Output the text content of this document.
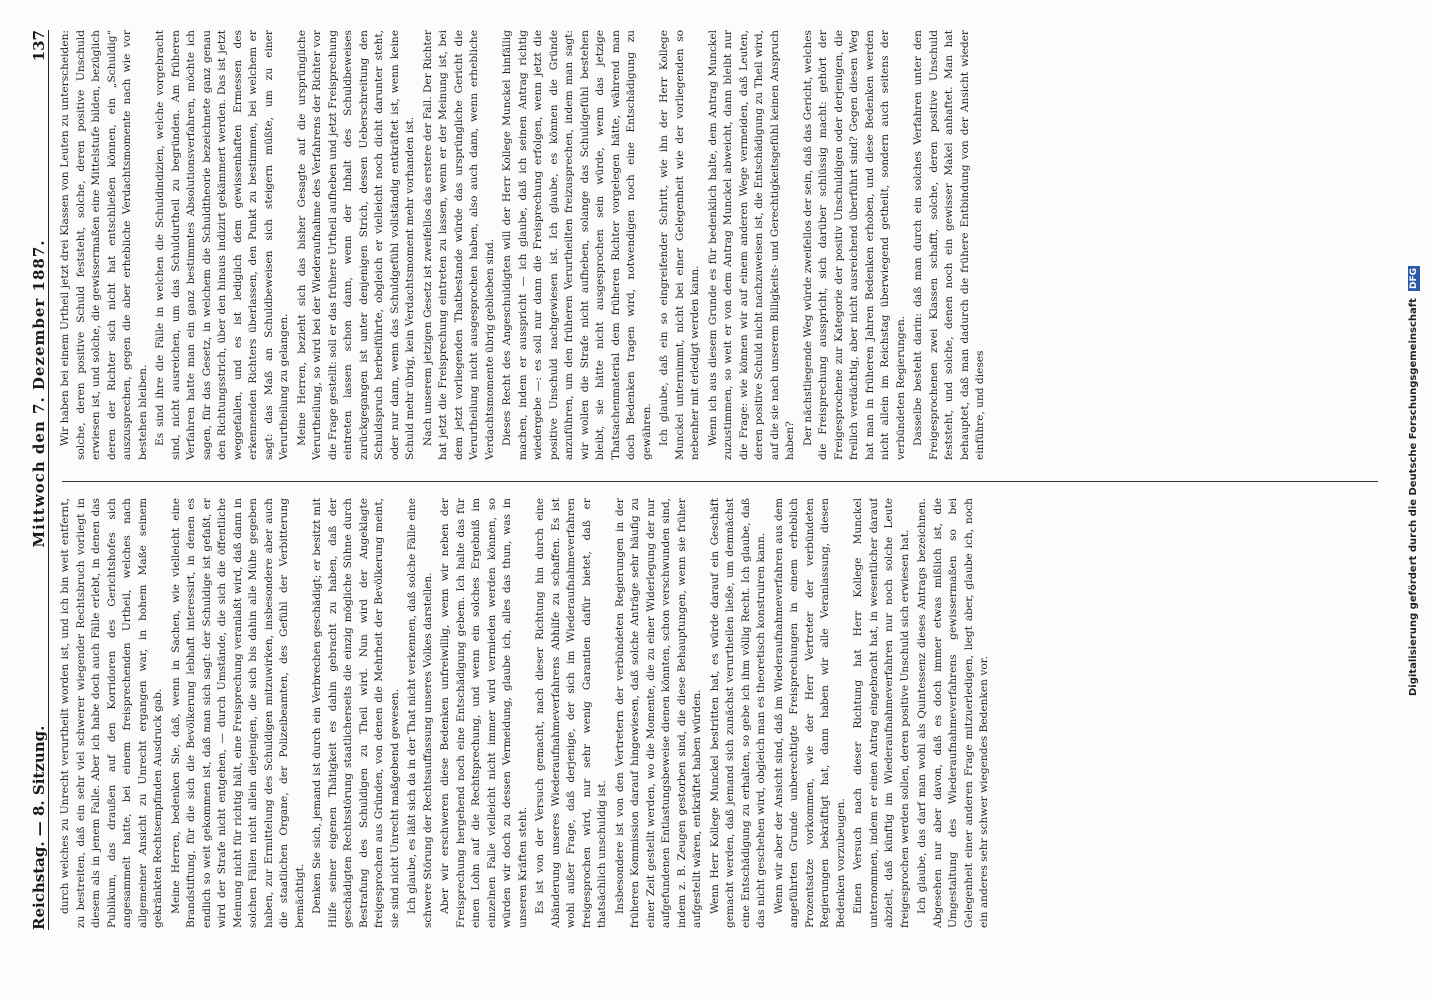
Reichstag. — 8. Sitzung.
Mittwoch den 7. Dezember 1887.
137

durch welches zu Unrecht verurtheilt worden ist, und ich bin weit entfernt, zu bestreiten, daß ein sehr viel schwerer wiegender Rechtsbruch vorliegt in diesem als in jenem Falle. Aber ich habe doch auch Fälle erlebt, in denen das Publikum, das draußen auf den Korridoren des Gerichtshofes sich angesammelt hatte, bei einem freisprechenden Urtheil, welches nach allgemeiner Ansicht zu Unrecht ergangen war, in hohem Maße seinem gekränkten Rechtsempfinden Ausdruck gab. Meine Herren, bedenken Sie, daß, wenn in Sachen, wie vielleicht eine Brandstiftung, für die sich die Bevölkerung lebhaft interessirt, in denen es endlich so weit gekommen ist, daß man sich sagt: der Schuldige ist gefaßt, er wird der Strafe nicht entgehen, — durch Umstände, die sich die öffentliche Meinung nicht für richtig hält, eine Freisprechung veranlaßt wird, daß dann in solchen Fällen nicht allein diejenigen, die sich bis dahin alle Mühe gegeben haben, zur Ermittelung des Schuldigen mitzuwirken, insbesondere aber auch die staatlichen Organe, der Polizeibeamten, des Gefühl der Verbitterung bemächtigt. Denken Sie sich, jemand ist durch ein Verbrechen geschädigt; er besitzt mit Hilfe seiner eigenen Thätigkeit es dahin gebracht zu haben, daß der geschädigten Rechtsstörung staatlicherseits die einzig mögliche Sühne durch Bestrafung des Schuldigen zu Theil wird. Nun wird der Angeklagte freigesprochen aus Gründen, von denen die Mehrheit der Bevölkerung meint, sie sind nicht Unrecht maßgebend gewesen. Ich glaube, es läßt sich da in der That nicht verkennen, daß solche Fälle eine schwere Störung der Rechtsauffassung unseres Volkes darstellen. Aber wir erschweren diese Bedenken unfreiwillig, wenn wir neben der Freisprechung hergehend noch eine Entschädigung gebem. Ich halte das für einen Lohn auf die Rechtsprechung, und wenn ein solches Ergebniß im einzelnen Falle vielleicht nicht immer wird vermieden werden können, so würden wir doch zu dessen Vermeidung, glaube ich, alles das thun, was in unseren Kräften steht. Es ist von der Versuch gemacht, nach dieser Richtung hin durch eine Abänderung unseres Wiederaufnahmeverfahrens Abhilfe zu schaffen. Es ist wohl außer Frage, daß derjenige, der sich im Wiederaufnahmeverfahren freigesprochen wird, nur sehr wenig Garantien dafür bietet, daß er thatsächlich unschuldig ist. Insbesondere ist von den Vertretern der verbündeten Regierungen in der früheren Kommission darauf hingewiesen, daß solche Anträge sehr häufig zu einer Zeit gestellt werden, wo die Momente, die zu einer Widerlegung der nur aufgefundenen Entlastungsbeweise dienen könnten, schon verschwunden sind, indem z. B. Zeugen gestorben sind, die diese Behauptungen, wenn sie früher aufgestellt wären, entkräftet haben würden. Wenn Herr Kollege Munckel bestritten hat, es würde darauf ein Geschäft gemacht werden, daß jemand sich zunächst verurtheilen ließe, um demnächst eine Entschädigung zu erhalten, so gebe ich ihm völlig Recht. Ich glaube, daß das nicht geschehen wird, obgleich man es theoretisch konstruiren kann. Wenn wir aber der Ansicht sind, daß im Wiederaufnahmeverfahren aus dem angeführten Grunde unberechtigte Freisprechungen in einem erheblich Prozentsatze vorkommen, wie der Herr Vertreter der verbündeten Regierungen bekräftigt hat, dann haben wir alle Veranlassung, diesen Bedenken vorzubeugen. Einen Versuch nach dieser Richtung hat Herr Kollege Munckel unternommen, indem er einen Antrag eingebracht hat, in wesentlicher darauf abzielt, daß künftig im Wiederaufnahmeverfahren nur noch solche Leute freigesprochen werden sollen, deren positive Unschuld sich erwiesen hat. Ich glaube, das darf man wohl als Quintessenz dieses Antrags bezeichnen. Abgesehen nur aber davon, daß es doch immer etwas mißlich ist, die Umgestaltung des Wiederaufnahmeverfahrens gewissermaßen so bei Gelegenheit einer anderen Frage mitzuerledigen, liegt aber, glaube ich, noch ein anderes sehr schwer wiegendes Bedenken vor.

Wir haben bei einem Urtheil jetzt drei Klassen von Leuten zu unterscheiden: solche, deren positive Schuld feststeht, solche, deren positive Unschuld erwiesen ist, und solche, die gewissermaßen eine Mittelstufe bilden, bezüglich deren der Richter sich nicht hat entschließen können, ein „Schuldig“ auszusprechen, gegen die aber erhebliche Verdachtsmomente nach wie vor bestehen bleiben. Es sind ihre die Fälle in welchen die Schuldindizien, welche vorgebracht sind, nicht ausreichen, um das Schuldurtheil zu begründen. Am früheren Verfahren hatte man ein ganz bestimmtes Absolutionsverfahren, möchte ich sagen, für das Gesetz, in welchem die Schuldtheorie bezeichnete ganz genau den Richtungsstrich, über den hinaus indizirt gekämmert werden. Das ist jetzt weggefallen, und es ist lediglich dem gewissenhaften Ermessen des erkennenden Richters überlassen, den Punkt zu bestimmen, bei welchem er sagt: das Maß an Schuldbeweisen sich steigern müßte, um zu einer Verurtheilung zu gelangen. Meine Herren, bezieht sich das bisher Gesagte auf die ursprüngliche Verurtheilung, so wird bei der Wiederaufnahme des Verfahrens der Richter vor die Frage gestellt: soll er das frühere Urtheil aufheben und jetzt Freisprechung eintreten lassen schon dann, wenn der Inhalt des Schuldbeweises zurückgegangen ist unter denjenigen Strich, dessen Ueberschreitung den Schuldspruch herbeiführte, obgleich er vielleicht noch dicht darunter steht, oder nur dann, wenn das Schuldgefühl vollständig entkräftet ist, wenn keine Schuld mehr übrig, kein Verdachtsmoment mehr vorhanden ist. Nach unserem jetzigen Gesetz ist zweifellos das erstere der Fall. Der Richter hat jetzt die Freisprechung eintreten zu lassen, wenn er der Meinung ist, bei dem jetzt vorliegenden Thatbestande würde das ursprüngliche Gericht die Verurtheilung nicht ausgesprochen haben, also auch dann, wenn erhebliche Verdachtsmomente übrig geblieben sind. Dieses Recht des Angeschuldigten will der Herr Kollege Munckel hinfällig machen, indem er ausspricht — ich glaube, daß ich seinen Antrag richtig wiedergebe —: es soll nur dann die Freisprechung erfolgen, wenn jetzt die positive Unschuld nachgewiesen ist. Ich glaube, es können die Gründe anzuführen, um den früheren Verurtheilten freizusprechen, indem man sagt: wir wollen die Strafe nicht aufheben, solange das Schuldgefühl bestehen bleibt, sie hätte nicht ausgesprochen sein würde, wenn das jetzige Thatsachenmaterial dem früheren Richter vorgelegen hätte, während man doch Bedenken tragen wird, notwendigen noch eine Entschädigung zu gewähren. Ich glaube, daß ein so eingreifender Schritt, wie ihn der Herr Kollege Munckel unternimmt, nicht bei einer Gelegenheit wie der vorliegenden so nebenher mit erledigt werden kann. Wenn ich aus diesem Grunde es für bedenklich halte, dem Antrag Munckel zuzustimmen, so weit er von dem Antrag Munckel abweicht, dann bleibt nur die Frage: wie können wir auf einem anderen Wege vermeiden, daß Leuten, deren positive Schuld nicht nachzuweisen ist, die Entschädigung zu Theil wird, auf die sie nach unserem Billigkeits- und Gerechtigkeitsgefühl keinen Anspruch haben? Der nächstliegende Weg würde zweifellos der sein, daß das Gericht, welches die Freisprechung ausspricht, sich darüber schlüssig macht: gehört der Freigesprochene zur Kategorie der positiv Unschuldigen oder derjenigen, die freilich verdächtig, aber nicht ausreichend überführt sind? Gegen diesen Weg hat man in früheren Jahren Bedenken erhoben, und diese Bedenken werden nicht allein im Reichstag überwiegend getheilt, sondern auch seitens der verbündeten Regierungen. Dasselbe besteht darin: daß man durch ein solches Verfahren unter den Freigesprochenen zwei Klassen schafft, solche, deren positive Unschuld feststeht, und solche, denen noch ein gewisser Makel anhaftet. Man hat behauptet, daß man dadurch die frühere Entbindung von der Ansicht wieder einführe, und dieses	Digitalisierung gefördert durch die Deutsche Forschungsgemeinschaft DFG
